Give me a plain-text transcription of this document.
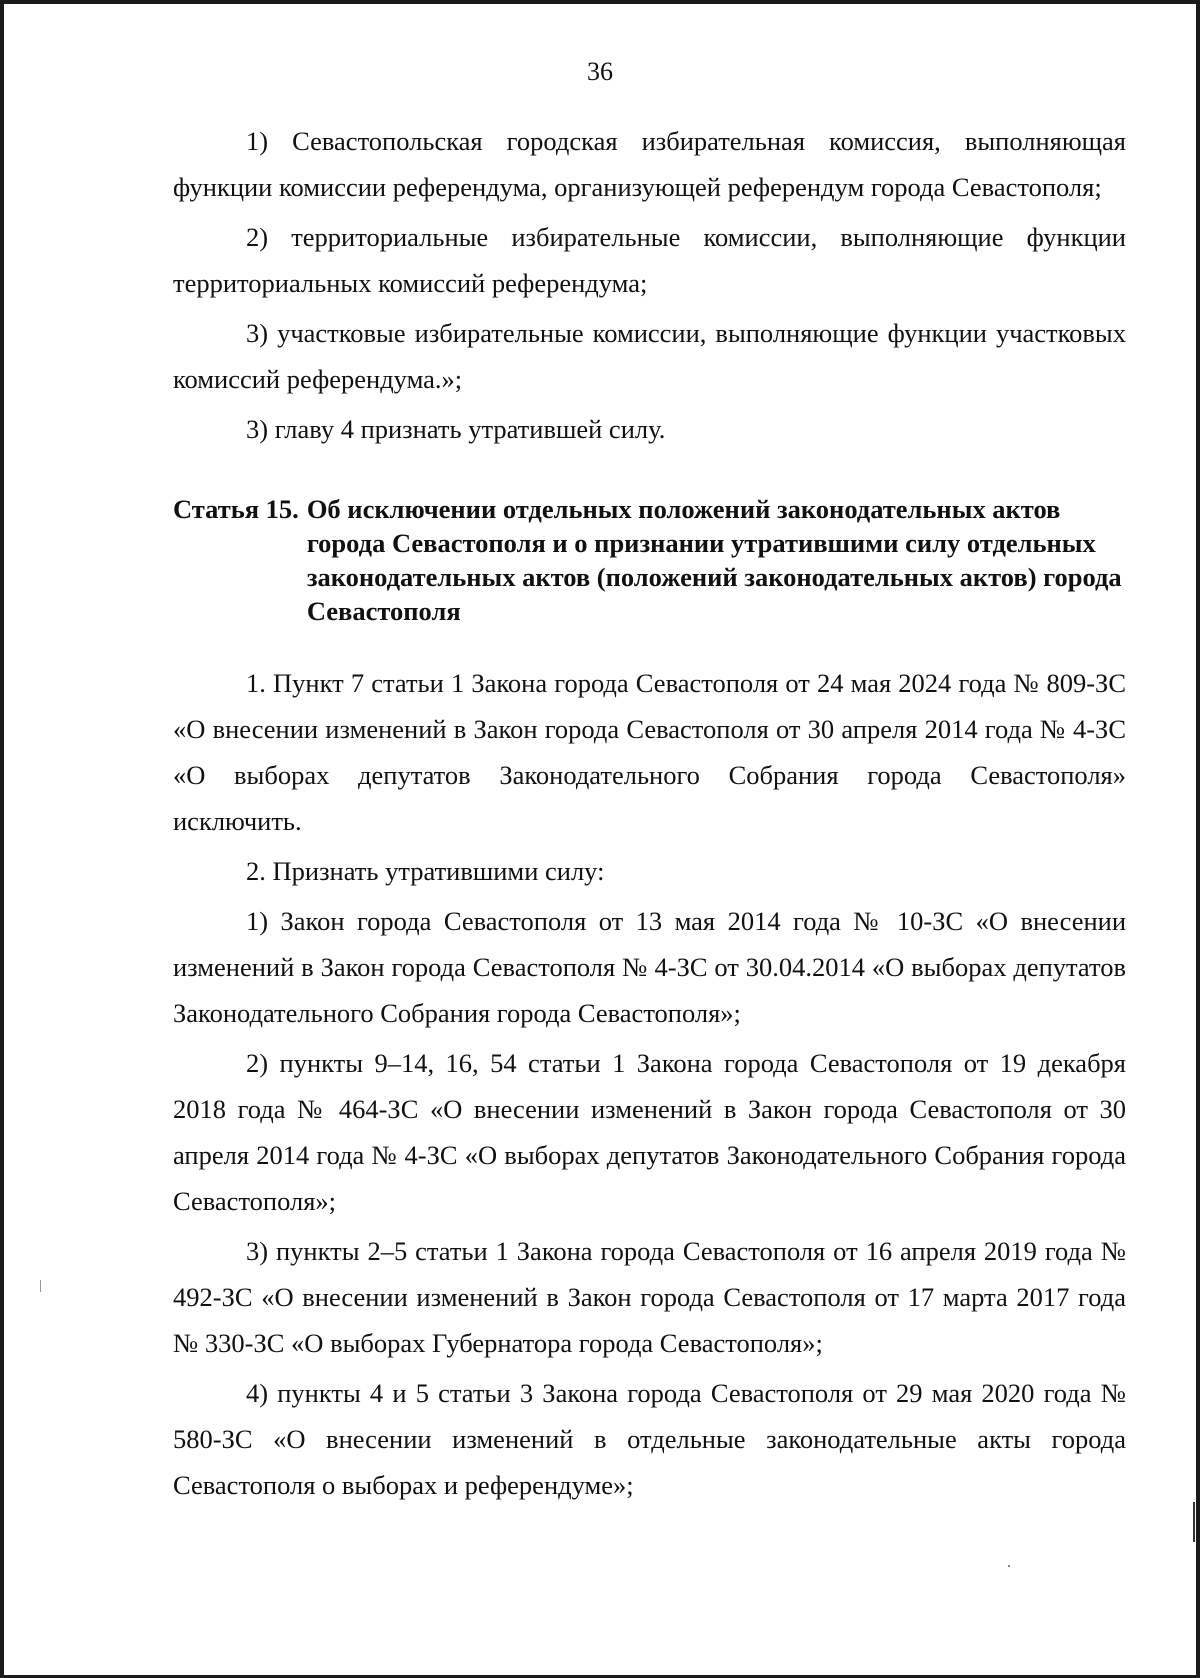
36

1) Севастопольская городская избирательная комиссия, выполняющая функции комиссии референдума, организующей референдум города Севастополя;

2) территориальные избирательные комиссии, выполняющие функции территориальных комиссий референдума;

3) участковые избирательные комиссии, выполняющие функции участковых комиссий референдума.»;

3) главу 4 признать утратившей силу.

Статья 15. Об исключении отдельных положений законодательных актов города Севастополя и о признании утратившими силу отдельных законодательных актов (положений законодательных актов) города Севастополя

1. Пункт 7 статьи 1 Закона города Севастополя от 24 мая 2024 года № 809-ЗС «О внесении изменений в Закон города Севастополя от 30 апреля 2014 года № 4-ЗС «О выборах депутатов Законодательного Собрания города Севастополя» исключить.

2. Признать утратившими силу:

1) Закон города Севастополя от 13 мая 2014 года № 10-ЗС «О внесении изменений в Закон города Севастополя № 4-ЗС от 30.04.2014 «О выборах депутатов Законодательного Собрания города Севастополя»;

2) пункты 9–14, 16, 54 статьи 1 Закона города Севастополя от 19 декабря 2018 года № 464-ЗС «О внесении изменений в Закон города Севастополя от 30 апреля 2014 года № 4-ЗС «О выборах депутатов Законодательного Собрания города Севастополя»;

3) пункты 2–5 статьи 1 Закона города Севастополя от 16 апреля 2019 года № 492-ЗС «О внесении изменений в Закон города Севастополя от 17 марта 2017 года № 330-ЗС «О выборах Губернатора города Севастополя»;

4) пункты 4 и 5 статьи 3 Закона города Севастополя от 29 мая 2020 года № 580-ЗС «О внесении изменений в отдельные законодательные акты города Севастополя о выборах и референдуме»;
